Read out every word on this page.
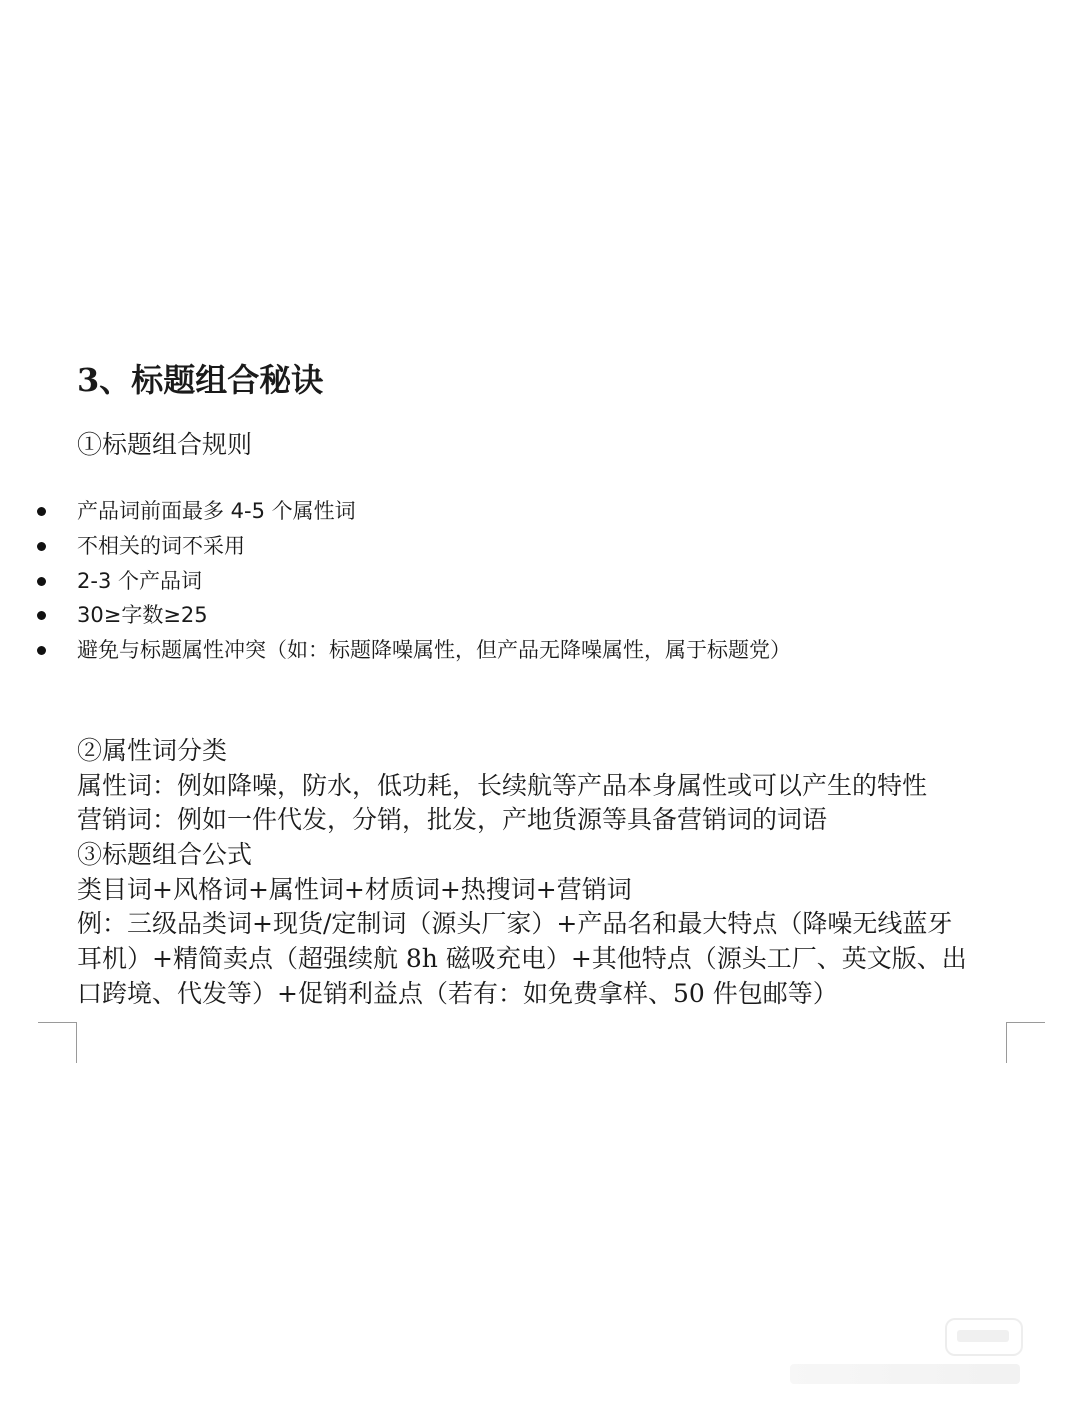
3、标题组合秘诀
①标题组合规则
产品词前面最多 4-5 个属性词
不相关的词不采用
2-3 个产品词
30≥字数≥25
避免与标题属性冲突（如：标题降噪属性，但产品无降噪属性，属于标题党）
②属性词分类
属性词：例如降噪，防水，低功耗，长续航等产品本身属性或可以产生的特性
营销词：例如一件代发，分销，批发，产地货源等具备营销词的词语
③标题组合公式
类目词+风格词+属性词+材质词+热搜词+营销词
例：三级品类词+现货/定制词（源头厂家）+产品名和最大特点（降噪无线蓝牙
耳机）+精简卖点（超强续航 8h 磁吸充电）+其他特点（源头工厂、英文版、出
口跨境、代发等）+促销利益点（若有：如免费拿样、50 件包邮等）
